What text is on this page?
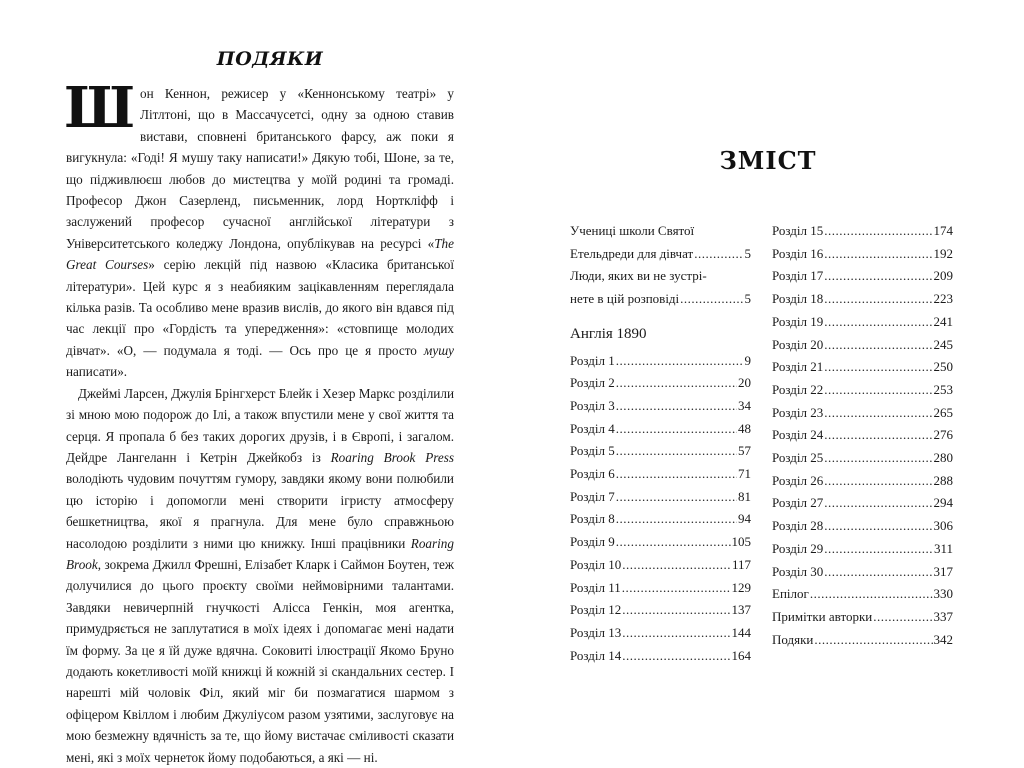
ПОДЯКИ

Шон Кеннон, режисер у «Кеннонському театрі» у Літлтоні, що в Массачусетсі, одну за одною ставив вистави, сповнені британського фарсу, аж поки я вигукнула: «Годі! Я мушу таку написати!» Дякую тобі, Шоне, за те, що підживлюєш любов до мистецтва у моїй родині та громаді. Професор Джон Сазерленд, письменник, лорд Нортклiфф і заслужений професор сучасної англійської літератури з Університетського коледжу Лондона, опублікував на ресурсі «The Great Courses» серію лекцій під назвою «Класика британської літератури». Цей курс я з неабияким зацікавленням переглядала кілька разів. Та особливо мене вразив вислів, до якого він вдався під час лекції про «Гордість та упередження»: «стовпище молодих дівчат». «О, — подумала я тоді. — Ось про це я просто мушу написати».

Джеймі Ларсен, Джулія Брінгхерст Блейк і Хезер Маркс розділили зі мною мою подорож до Ілі, а також впустили мене у свої життя та серця. Я пропала б без таких дорогих друзів, і в Європі, і загалом. Дейдре Лангеланн і Кетрін Джейкобз із Roaring Brook Press володіють чудовим почуттям гумору, завдяки якому вони полюбили цю історію і допомогли мені створити ігристу атмосферу бешкетництва, якої я прагнула. Для мене було справжньою насолодою розділити з ними цю книжку. Інші працівники Roaring Brook, зокрема Джилл Фрешні, Елізабет Кларк і Саймон Боутен, теж долучилися до цього проєкту своїми неймовірними талантами. Завдяки невичерпній гнучкості Алісса Генкін, моя агентка, примудряється не заплутатися в моїх ідеях і допомагає мені надати їм форму. За це я їй дуже вдячна. Соковиті ілюстрації Якомо Бруно додають кокетливості моїй книжці й кожній зі скандальних сестер. І нарешті мій чоловік Філ, який міг би позмагатися шармом з офіцером Квіллом і любим Джулiусом разом узятими, заслуговує на мою безмежну вдячність за те, що йому вистачає сміливості сказати мені, які з моїх чернеток йому подобаються, а які — ні.

ЗМІСТ
Учениці школи Святої
Етельдреди для дівчат .....	5
Люди, яких ви не зустрі-
нете в цій розповіді .....	5
Англія 1890
Розділ 1 .....	9
Розділ 2 .....	20
Розділ 3 .....	34
Розділ 4 .....	48
Розділ 5 .....	57
Розділ 6 .....	71
Розділ 7 .....	81
Розділ 8 .....	94
Розділ 9 .....	105
Розділ 10 .....	117
Розділ 11 .....	129
Розділ 12 .....	137
Розділ 13 .....	144
Розділ 14 .....	164
Розділ 15 .....	174
Розділ 16 .....	192
Розділ 17 .....	209
Розділ 18 .....	223
Розділ 19 .....	241
Розділ 20 .....	245
Розділ 21 .....	250
Розділ 22 .....	253
Розділ 23 .....	265
Розділ 24 .....	276
Розділ 25 .....	280
Розділ 26 .....	288
Розділ 27 .....	294
Розділ 28 .....	306
Розділ 29 .....	311
Розділ 30 .....	317
Епілог .....	330
Примітки авторки .....	337
Подяки .....	342
